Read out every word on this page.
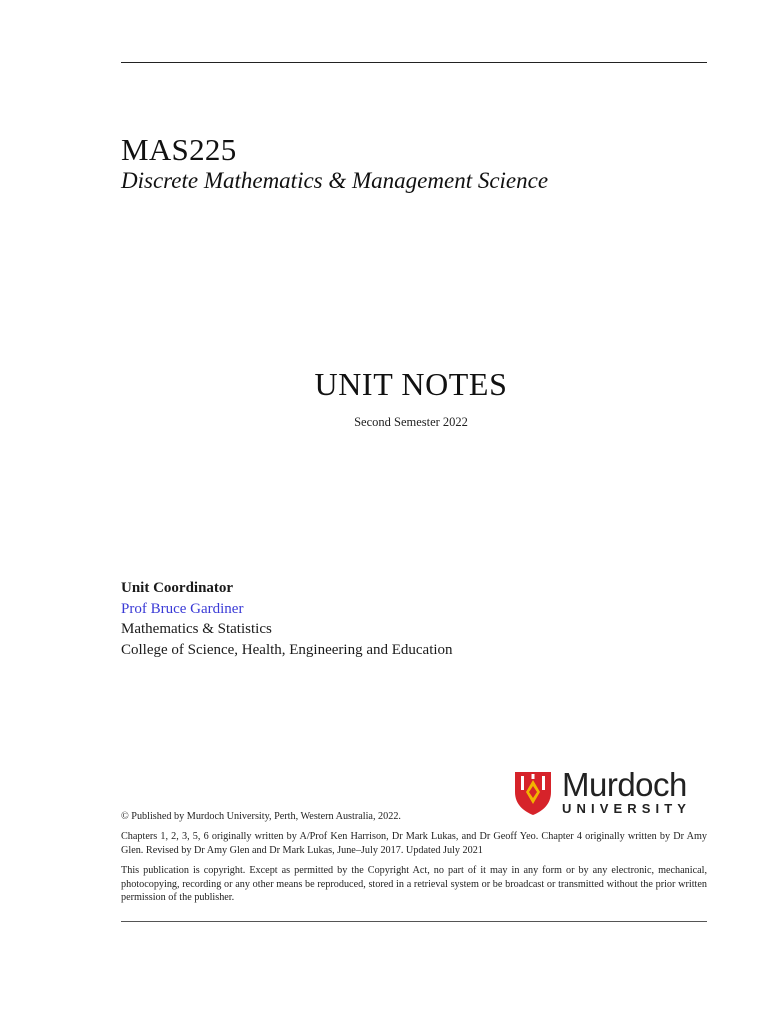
MAS225
Discrete Mathematics & Management Science
UNIT NOTES
Second Semester 2022
Unit Coordinator
Prof Bruce Gardiner
Mathematics & Statistics
College of Science, Health, Engineering and Education
Murdoch
UNIVERSITY
© Published by Murdoch University, Perth, Western Australia, 2022.
Chapters 1, 2, 3, 5, 6 originally written by A/Prof Ken Harrison, Dr Mark Lukas, and Dr Geoff Yeo. Chapter 4 originally written by Dr Amy Glen. Revised by Dr Amy Glen and Dr Mark Lukas, June–July 2017. Updated July 2021
This publication is copyright. Except as permitted by the Copyright Act, no part of it may in any form or by any electronic, mechanical, photocopying, recording or any other means be reproduced, stored in a retrieval system or be broadcast or transmitted without the prior written permission of the publisher.
